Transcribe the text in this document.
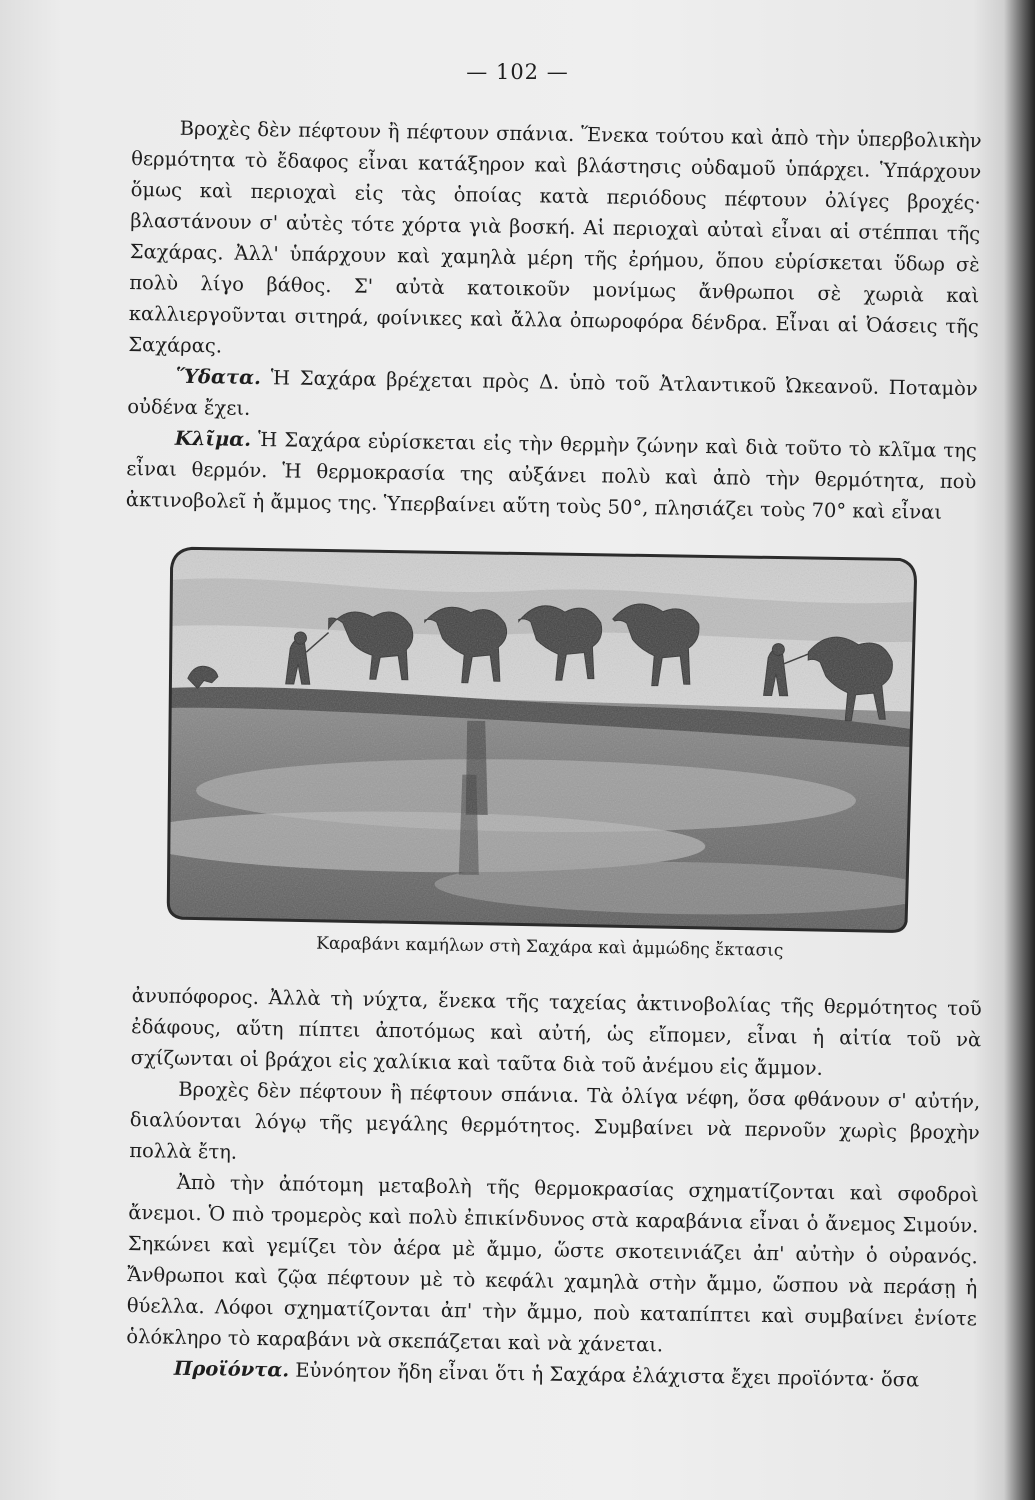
— 102 —

Βροχὲς δὲν πέφτουν ἢ πέφτουν σπάνια. Ἕνεκα τούτου καὶ ἀπὸ τὴν ὑπερβολικὴν θερμότητα τὸ ἔδαφος εἶναι κατάξηρον καὶ βλάστησις οὐδαμοῦ ὑπάρχει. Ὑπάρχουν ὅμως καὶ περιοχαὶ εἰς τὰς ὁποίας κατὰ περιόδους πέφτουν ὀλίγες βροχές· βλαστάνουν σ' αὐτὲς τότε χόρτα γιὰ βοσκή. Αἱ περιοχαὶ αὐταὶ εἶναι αἱ στέππαι τῆς Σαχάρας. Ἀλλ' ὑπάρχουν καὶ χαμηλὰ μέρη τῆς ἐρήμου, ὅπου εὑρίσκεται ὕδωρ σὲ πολὺ λίγο βάθος. Σ' αὐτὰ κατοικοῦν μονίμως ἄνθρωποι σὲ χωριὰ καὶ καλλιεργοῦνται σιτηρά, φοίνικες καὶ ἄλλα ὀπωροφόρα δένδρα. Εἶναι αἱ Ὀάσεις τῆς Σαχάρας.

Ὕδατα. Ἡ Σαχάρα βρέχεται πρὸς Δ. ὑπὸ τοῦ Ἀτλαντικοῦ Ὠκεανοῦ. Ποταμὸν οὐδένα ἔχει.

Κλῖμα. Ἡ Σαχάρα εὑρίσκεται εἰς τὴν θερμὴν ζώνην καὶ διὰ τοῦτο τὸ κλῖμα της εἶναι θερμόν. Ἡ θερμοκρασία της αὐξάνει πολὺ καὶ ἀπὸ τὴν θερμότητα, ποὺ ἀκτινοβολεῖ ἡ ἄμμος της. Ὑπερβαίνει αὕτη τοὺς 50°, πλησιάζει τοὺς 70° καὶ εἶναι

Καραβάνι καμήλων στὴ Σαχάρα καὶ ἀμμώδης ἔκτασις

ἀνυπόφορος. Ἀλλὰ τὴ νύχτα, ἕνεκα τῆς ταχείας ἀκτινοβολίας τῆς θερμότητος τοῦ ἐδάφους, αὕτη πίπτει ἀποτόμως καὶ αὐτή, ὡς εἴπομεν, εἶναι ἡ αἰτία τοῦ νὰ σχίζωνται οἱ βράχοι εἰς χαλίκια καὶ ταῦτα διὰ τοῦ ἀνέμου εἰς ἄμμον.

Βροχὲς δὲν πέφτουν ἢ πέφτουν σπάνια. Τὰ ὀλίγα νέφη, ὅσα φθάνουν σ' αὐτήν, διαλύονται λόγῳ τῆς μεγάλης θερμότητος. Συμβαίνει νὰ περνοῦν χωρὶς βροχὴν πολλὰ ἔτη.

Ἀπὸ τὴν ἀπότομη μεταβολὴ τῆς θερμοκρασίας σχηματίζονται καὶ σφοδροὶ ἄνεμοι. Ὁ πιὸ τρομερὸς καὶ πολὺ ἐπικίνδυνος στὰ καραβάνια εἶναι ὁ ἄνεμος Σιμούν. Σηκώνει καὶ γεμίζει τὸν ἀέρα μὲ ἄμμο, ὥστε σκοτεινιάζει ἀπ' αὐτὴν ὁ οὐρανός. Ἄνθρωποι καὶ ζῷα πέφτουν μὲ τὸ κεφάλι χαμηλὰ στὴν ἄμμο, ὥσπου νὰ περάσῃ ἡ θύελλα. Λόφοι σχηματίζονται ἀπ' τὴν ἄμμο, ποὺ καταπίπτει καὶ συμβαίνει ἐνίοτε ὁλόκληρο τὸ καραβάνι νὰ σκεπάζεται καὶ νὰ χάνεται.

Προϊόντα. Εὐνόητον ἤδη εἶναι ὅτι ἡ Σαχάρα ἐλάχιστα ἔχει προϊόντα· ὅσα
